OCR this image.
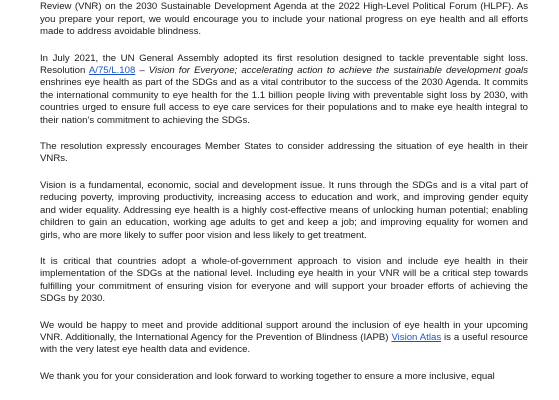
Review (VNR) on the 2030 Sustainable Development Agenda at the 2022 High-Level Political Forum (HLPF). As you prepare your report, we would encourage you to include your national progress on eye health and all efforts made to address avoidable blindness.

In July 2021, the UN General Assembly adopted its first resolution designed to tackle preventable sight loss. Resolution A/75/L.108 – Vision for Everyone; accelerating action to achieve the sustainable development goals enshrines eye health as part of the SDGs and as a vital contributor to the success of the 2030 Agenda. It commits the international community to eye health for the 1.1 billion people living with preventable sight loss by 2030, with countries urged to ensure full access to eye care services for their populations and to make eye health integral to their nation’s commitment to achieving the SDGs.

The resolution expressly encourages Member States to consider addressing the situation of eye health in their VNRs.

Vision is a fundamental, economic, social and development issue. It runs through the SDGs and is a vital part of reducing poverty, improving productivity, increasing access to education and work, and improving gender equity and wider equality. Addressing eye health is a highly cost-effective means of unlocking human potential; enabling children to gain an education, working age adults to get and keep a job; and improving equality for women and girls, who are more likely to suffer poor vision and less likely to get treatment.

It is critical that countries adopt a whole-of-government approach to vision and include eye health in their implementation of the SDGs at the national level. Including eye health in your VNR will be a critical step towards fulfilling your commitment of ensuring vision for everyone and will support your broader efforts of achieving the SDGs by 2030.

We would be happy to meet and provide additional support around the inclusion of eye health in your upcoming VNR. Additionally, the International Agency for the Prevention of Blindness (IAPB) Vision Atlas is a useful resource with the very latest eye health data and evidence.

We thank you for your consideration and look forward to working together to ensure a more inclusive, equal
